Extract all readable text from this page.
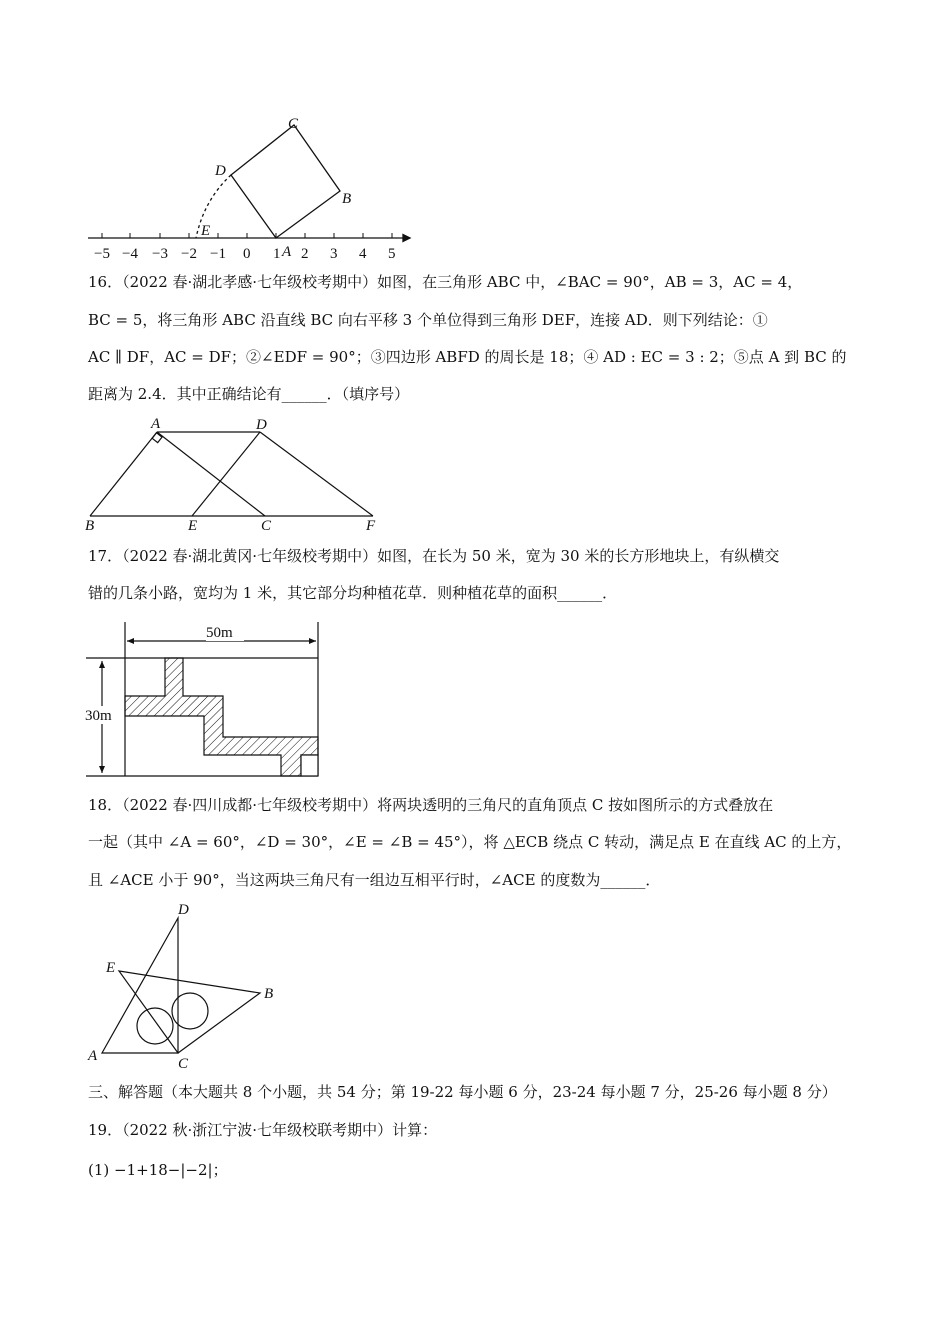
−5 −4 −3 −2 −1 0 1 2 3 4 5
C
D
B
E
A
16．（2022 春·湖北孝感·七年级校考期中）如图，在三角形 ABC 中，∠BAC = 90°，AB = 3，AC = 4，
BC = 5，将三角形 ABC 沿直线 BC 向右平移 3 个单位得到三角形 DEF，连接 AD．则下列结论：①
AC ∥ DF，AC = DF；②∠EDF = 90°；③四边形 ABFD 的周长是 18；④ AD : EC = 3 : 2；⑤点 A 到 BC 的
距离为 2.4．其中正确结论有______．（填序号）
A	D
B	E	C	F
17．（2022 春·湖北黄冈·七年级校考期中）如图，在长为 50 米，宽为 30 米的长方形地块上，有纵横交
错的几条小路，宽均为 1 米，其它部分均种植花草．则种植花草的面积______．
50m
30m
18．（2022 春·四川成都·七年级校考期中）将两块透明的三角尺的直角顶点 C 按如图所示的方式叠放在
一起（其中 ∠A = 60°，∠D = 30°，∠E = ∠B = 45°），将 △ECB 绕点 C 转动，满足点 E 在直线 AC 的上方，
且 ∠ACE 小于 90°，当这两块三角尺有一组边互相平行时，∠ACE 的度数为______．
D
E
B
A	C
三、解答题（本大题共 8 个小题，共 54 分；第 19-22 每小题 6 分，23-24 每小题 7 分，25-26 每小题 8 分）
19．（2022 秋·浙江宁波·七年级校联考期中）计算：
(1) −1+18−|−2|；
